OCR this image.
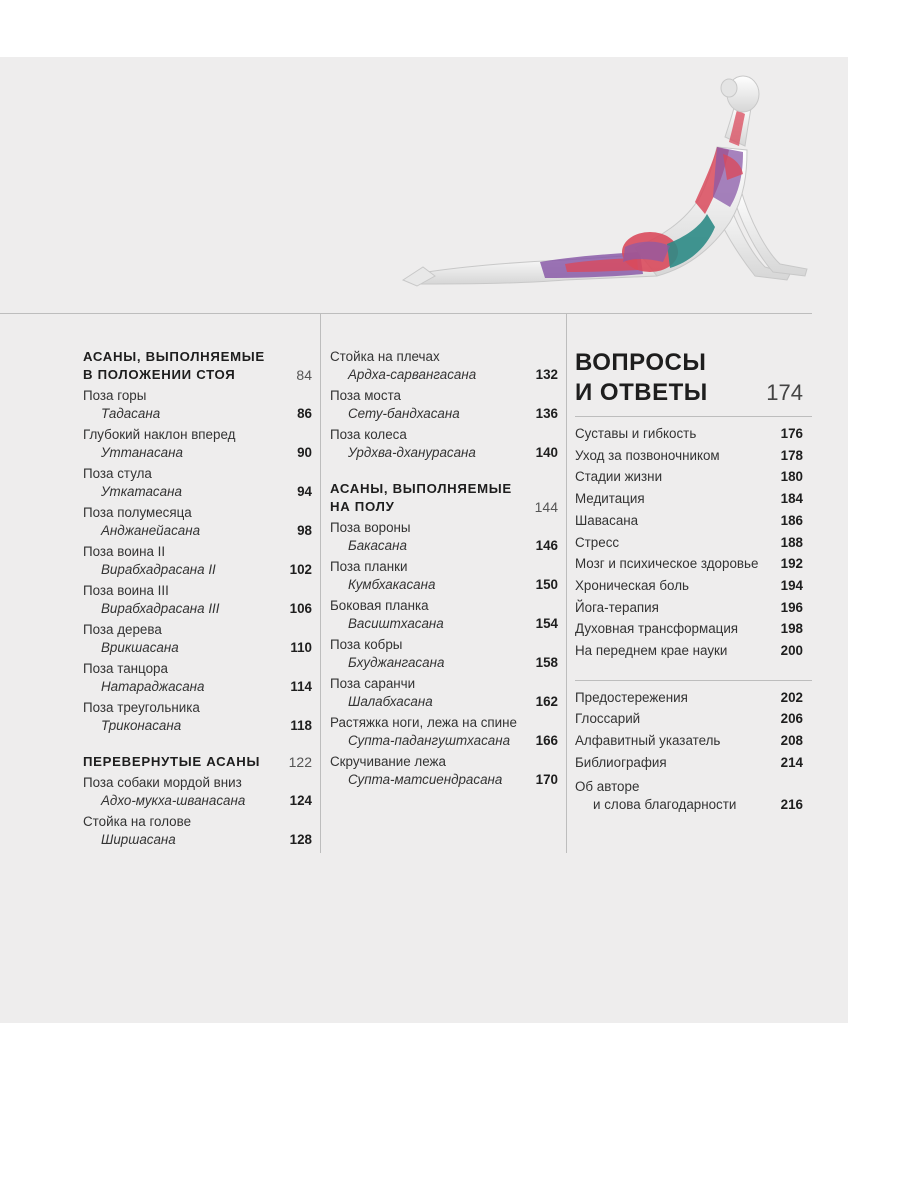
АСАНЫ, ВЫПОЛНЯЕМЫЕ
В ПОЛОЖЕНИИ СТОЯ	84
Поза горы
Тадасана	86
Глубокий наклон вперед
Уттанасана	90
Поза стула
Уткатасана	94
Поза полумесяца
Анджанейасана	98
Поза воина II
Вирабхадрасана II	102
Поза воина III
Вирабхадрасана III	106
Поза дерева
Врикшасана	110
Поза танцора
Натараджасана	114
Поза треугольника
Триконасана	118
ПЕРЕВЕРНУТЫЕ АСАНЫ 122
Поза собаки мордой вниз
Адхо-мукха-шванасана	124
Стойка на голове
Ширшасана	128
Стойка на плечах
Ардха-сарвангасана	132
Поза моста
Сету-бандхасана	136
Поза колеса
Урдхва-дханурасана	140
АСАНЫ, ВЫПОЛНЯЕМЫЕ
НА ПОЛУ	144
Поза вороны
Бакасана	146
Поза планки
Кумбхакасана	150
Боковая планка
Васиштхасана	154
Поза кобры
Бхуджангасана	158
Поза саранчи
Шалабхасана	162
Растяжка ноги, лежа на спине
Супта-падангуштхасана 166
Скручивание лежа
Супта-матсиендрасана 170
ВОПРОСЫ
И ОТВЕТЫ	174
Суставы и гибкость	176
Уход за позвоночником	178
Стадии жизни	180
Медитация	184
Шавасана	186
Стресс	188
Мозг и психическое здоровье 192
Хроническая боль	194
Йога-терапия	196
Духовная трансформация	198
На переднем крае науки	200
Предостережения	202
Глоссарий	206
Алфавитный указатель	208
Библиография	214
Об авторе
и слова благодарности	216
